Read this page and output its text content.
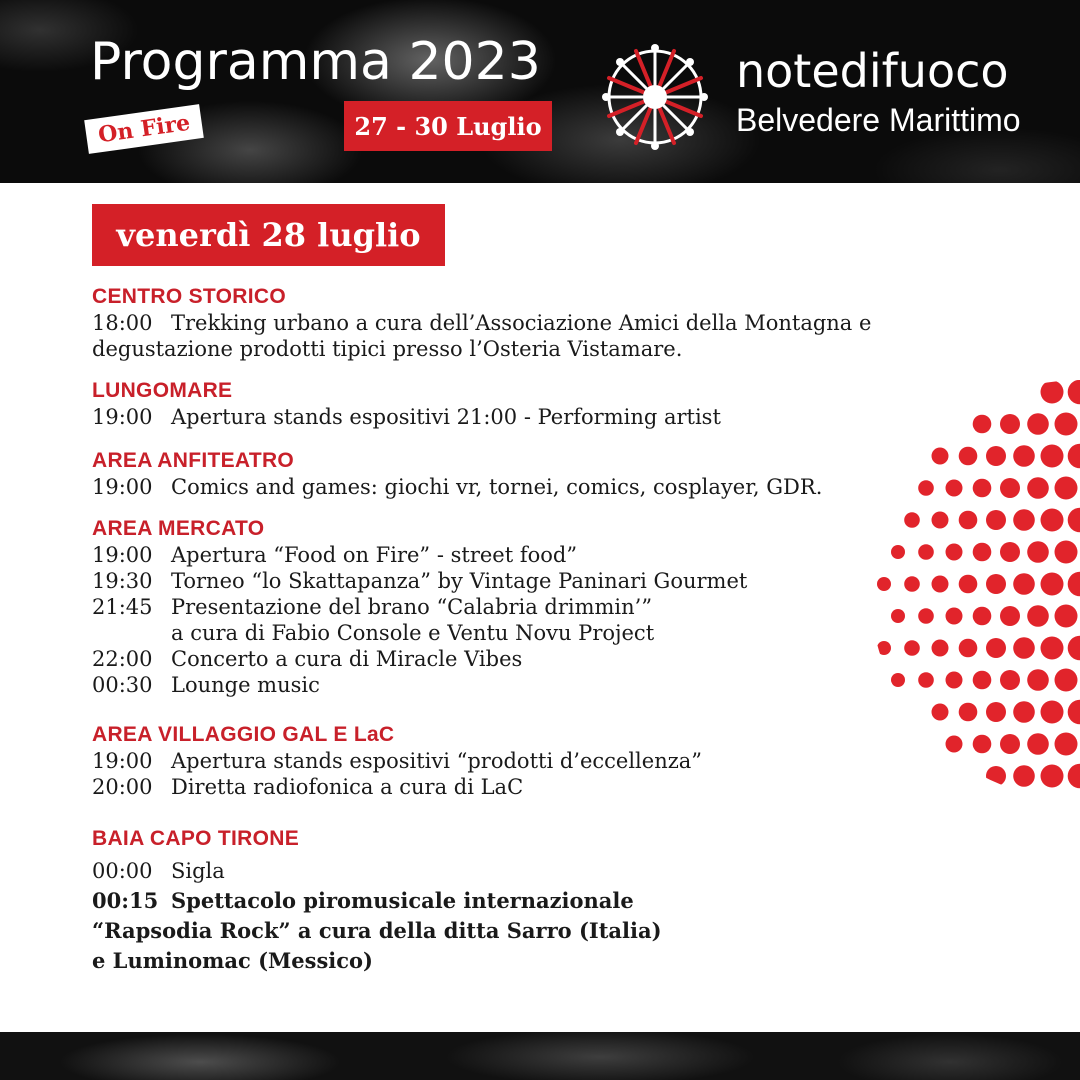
Programma 2023
On Fire	27 - 30 Luglio
notedifuoco
Belvedere Marittimo
venerdì 28 luglio
CENTRO STORICO
18:00 Trekking urbano a cura dell’Associazione Amici della Montagna e
degustazione prodotti tipici presso l’Osteria Vistamare.
LUNGOMARE
19:00 Apertura stands espositivi 21:00 - Performing artist
AREA ANFITEATRO
19:00 Comics and games: giochi vr, tornei, comics, cosplayer, GDR.
AREA MERCATO
19:00 Apertura “Food on Fire” - street food”
19:30 Torneo “lo Skattapanza” by Vintage Paninari Gourmet
21:45 Presentazione del brano “Calabria drimmin’”
a cura di Fabio Console e Ventu Novu Project
22:00 Concerto a cura di Miracle Vibes
00:30 Lounge music
AREA VILLAGGIO GAL E LaC
19:00 Apertura stands espositivi “prodotti d’eccellenza”
20:00 Diretta radiofonica a cura di LaC
BAIA CAPO TIRONE
00:00 Sigla
00:15 Spettacolo piromusicale internazionale
“Rapsodia Rock” a cura della ditta Sarro (Italia)
e Luminomac (Messico)
